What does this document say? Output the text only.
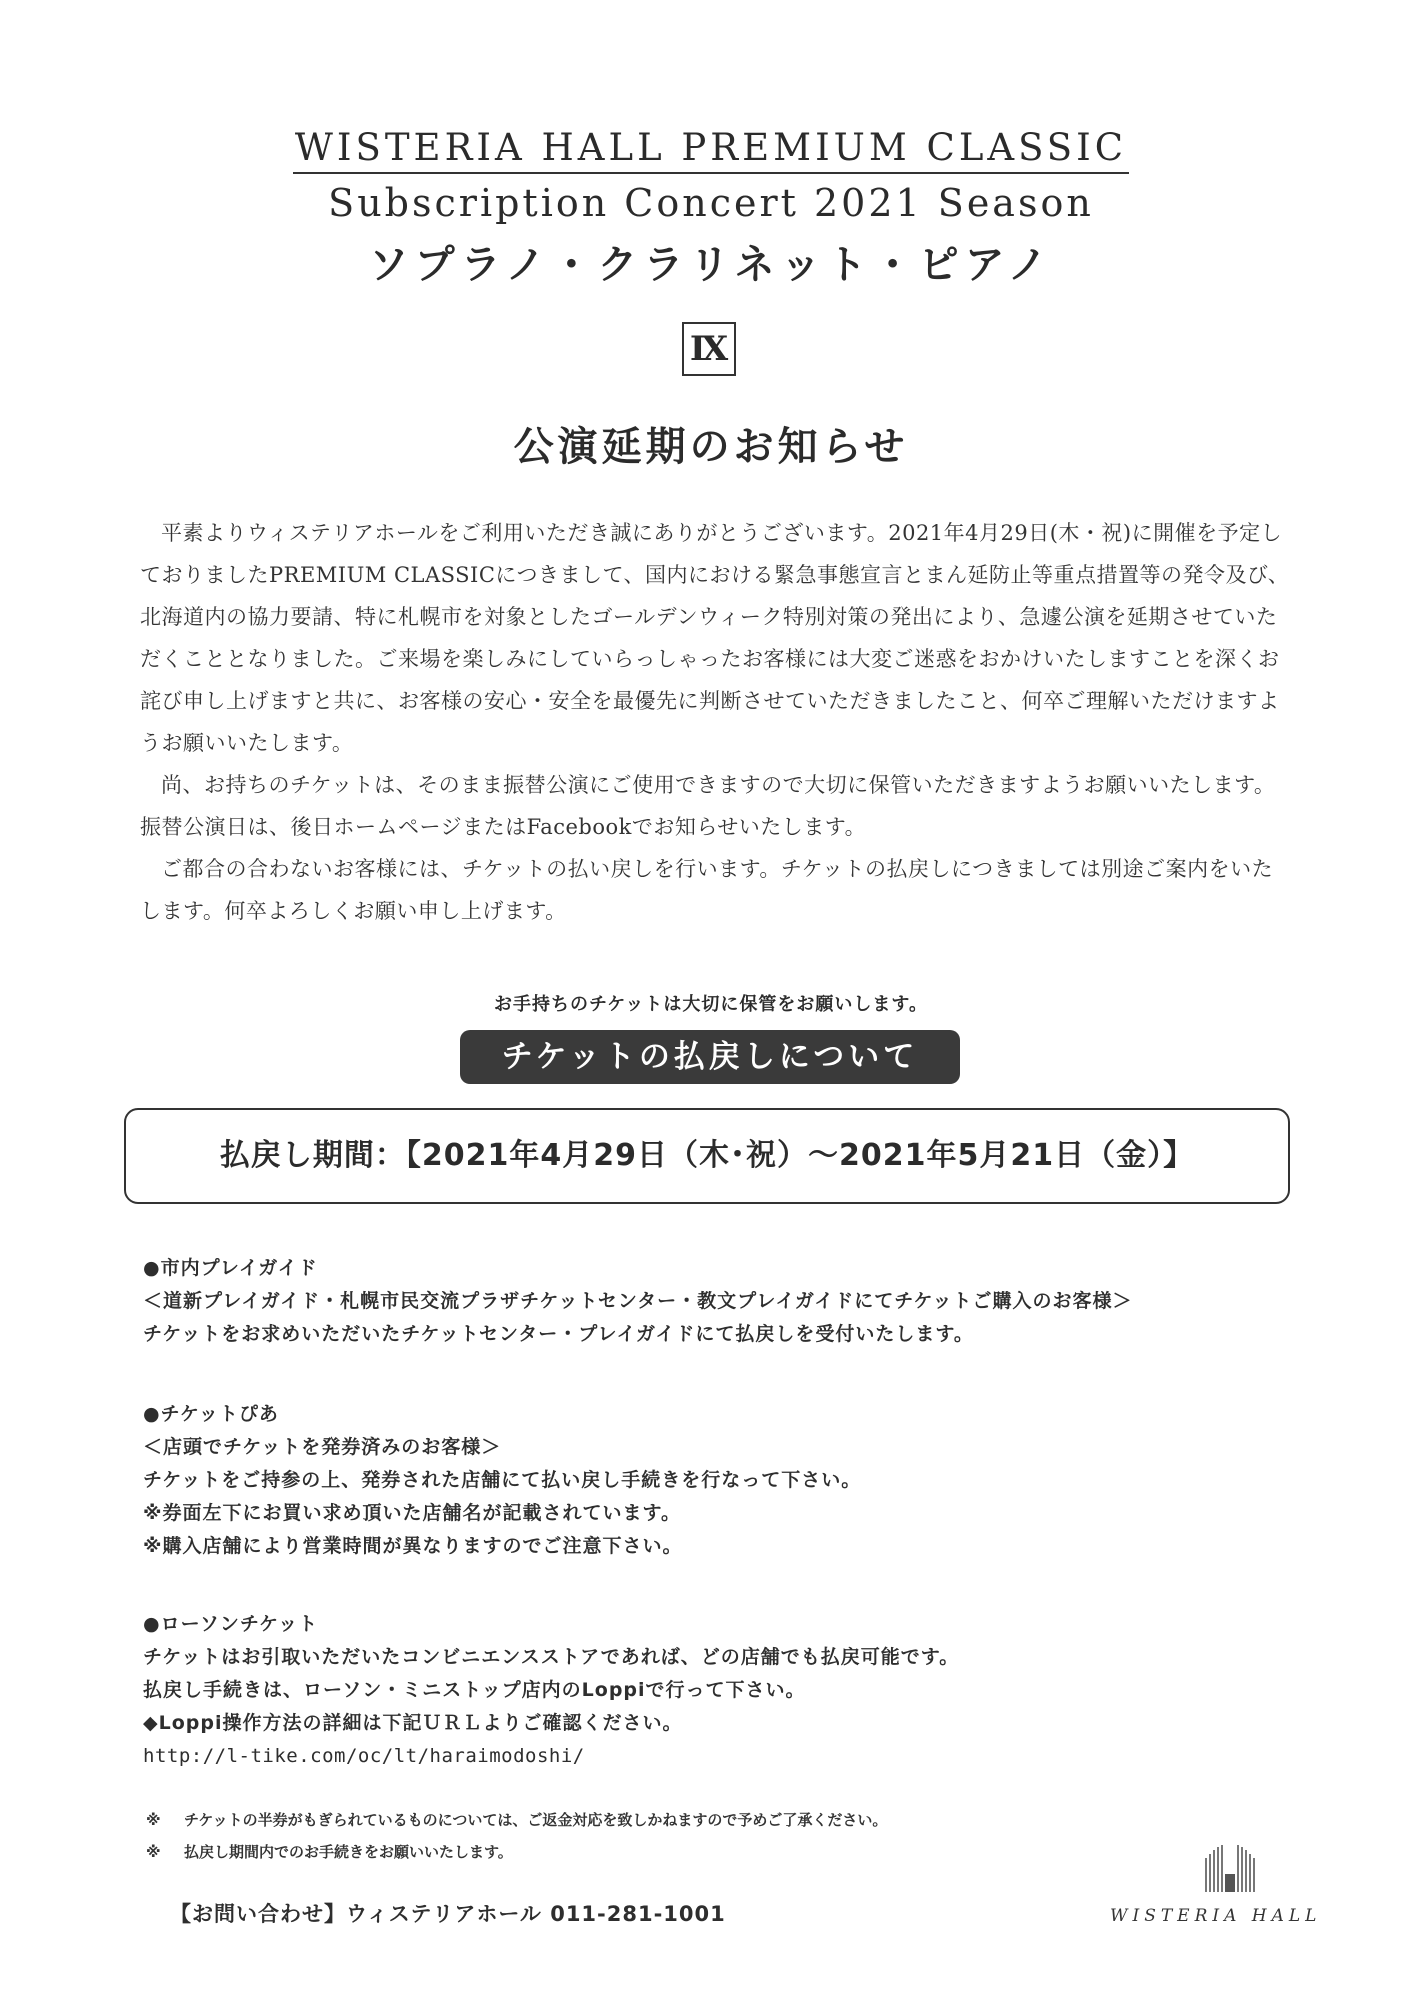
WISTERIA HALL PREMIUM CLASSIC
Subscription Concert 2021 Season
ソプラノ・クラリネット・ピアノ
Ⅸ
公演延期のお知らせ

平素よりウィステリアホールをご利用いただき誠にありがとうございます。2021年4月29日(木・祝)に開催を予定しておりましたPREMIUM CLASSICにつきまして、国内における緊急事態宣言とまん延防止等重点措置等の発令及び、北海道内の協力要請、特に札幌市を対象としたゴールデンウィーク特別対策の発出により、急遽公演を延期させていただくこととなりました。ご来場を楽しみにしていらっしゃったお客様には大変ご迷惑をおかけいたしますことを深くお詫び申し上げますと共に、お客様の安心・安全を最優先に判断させていただきましたこと、何卒ご理解いただけますようお願いいたします。

尚、お持ちのチケットは、そのまま振替公演にご使用できますので大切に保管いただきますようお願いいたします。振替公演日は、後日ホームページまたはFacebookでお知らせいたします。

ご都合の合わないお客様には、チケットの払い戻しを行います。チケットの払戻しにつきましては別途ご案内をいたします。何卒よろしくお願い申し上げます。

お手持ちのチケットは大切に保管をお願いします。
チケットの払戻しについて
払戻し期間：【2021年4月29日（木･祝）〜2021年5月21日（金）】
●市内プレイガイド
＜道新プレイガイド・札幌市民交流プラザチケットセンター・教文プレイガイドにてチケットご購入のお客様＞
チケットをお求めいただいたチケットセンター・プレイガイドにて払戻しを受付いたします。
●チケットぴあ
＜店頭でチケットを発券済みのお客様＞
チケットをご持参の上、発券された店舗にて払い戻し手続きを行なって下さい。
※券面左下にお買い求め頂いた店舗名が記載されています。
※購入店舗により営業時間が異なりますのでご注意下さい。
●ローソンチケット
チケットはお引取いただいたコンビニエンスストアであれば、どの店舗でも払戻可能です。
払戻し手続きは、ローソン・ミニストップ店内のLoppiで行って下さい。
◆Loppi操作方法の詳細は下記ＵＲＬよりご確認ください。
http://l-tike.com/oc/lt/haraimodoshi/
※ チケットの半券がもぎられているものについては、ご返金対応を致しかねますので予めご了承ください。
※ 払戻し期間内でのお手続きをお願いいたします。
【お問い合わせ】ウィステリアホール 011-281-1001	WISTERIA HALL
